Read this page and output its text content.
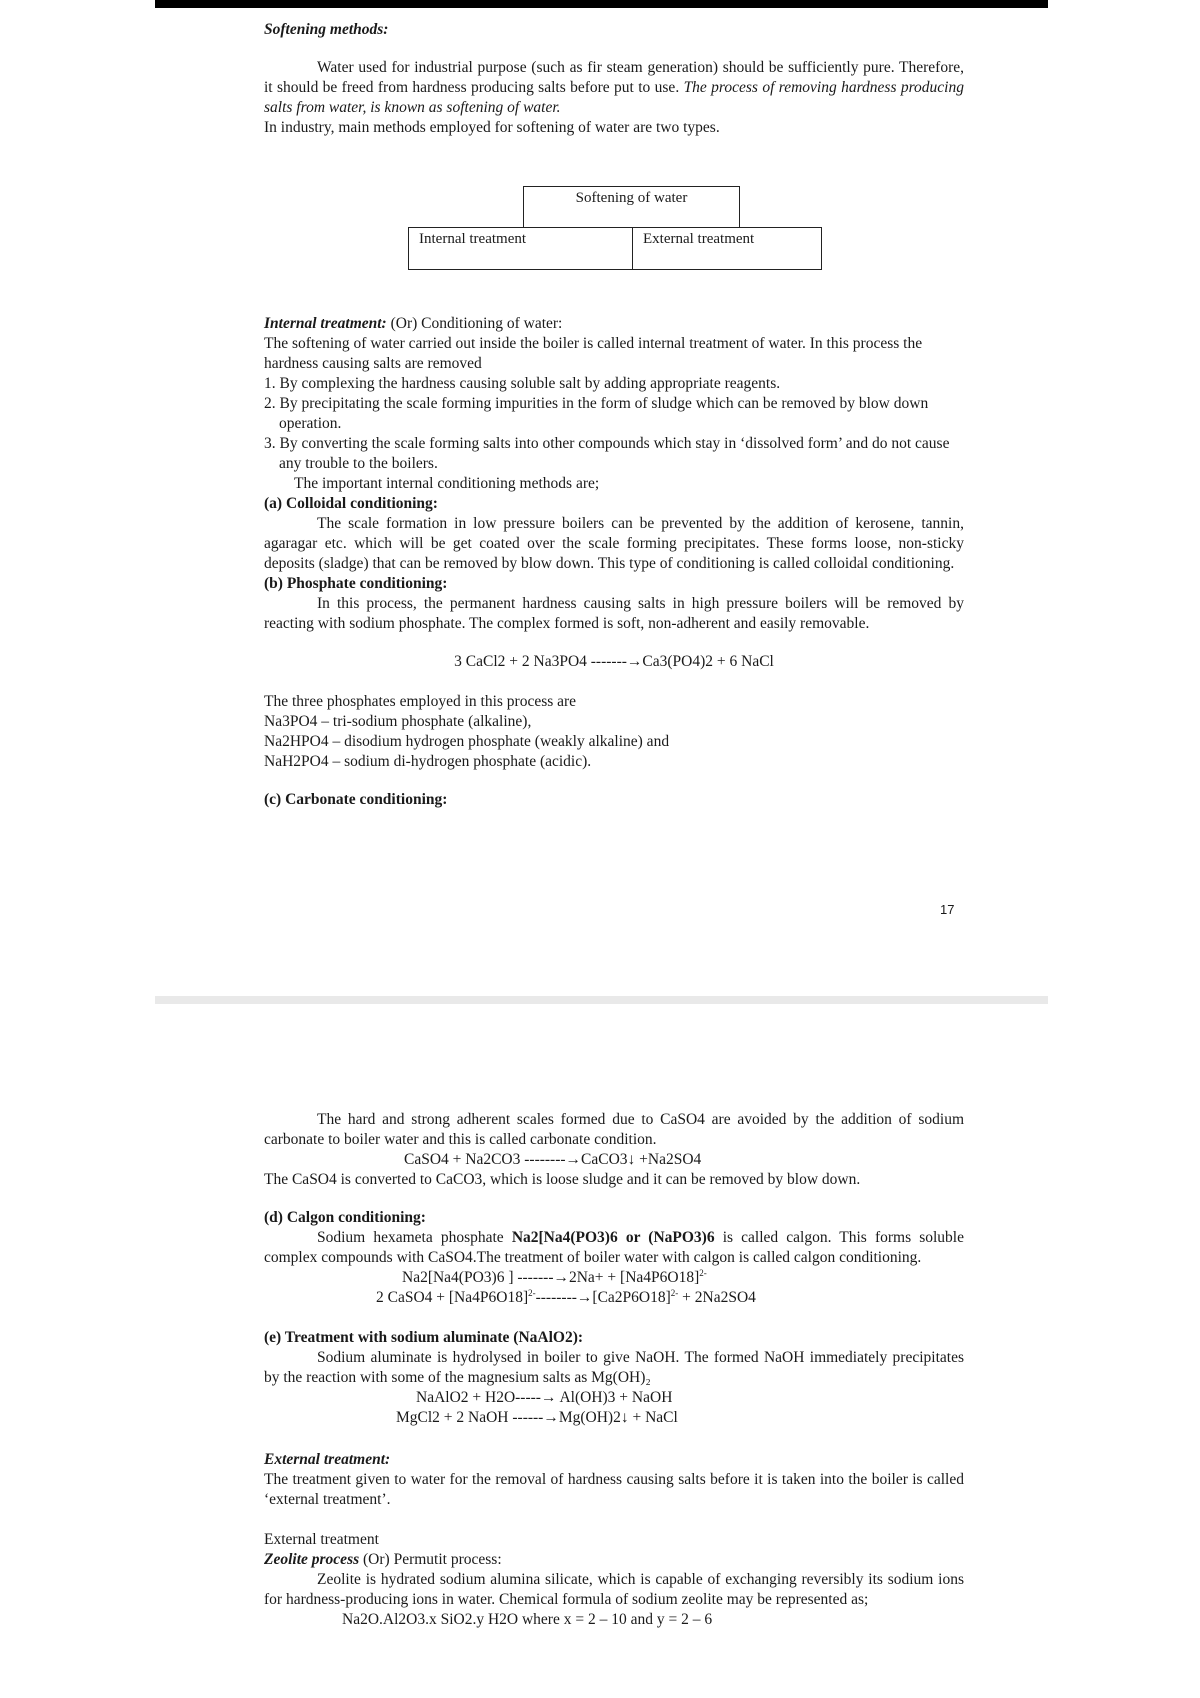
Softening methods:

Water used for industrial purpose (such as fir steam generation) should be sufficiently pure. Therefore, it should be freed from hardness producing salts before put to use. The process of removing hardness producing salts from water, is known as softening of water.

In industry, main methods employed for softening of water are two types.

Softening of water
Internal treatment	External treatment

Internal treatment: (Or) Conditioning of water:

The softening of water carried out inside the boiler is called internal treatment of water. In this process the hardness causing salts are removed

1. By complexing the hardness causing soluble salt by adding appropriate reagents.

2. By precipitating the scale forming impurities in the form of sludge which can be removed by blow down operation.

3. By converting the scale forming salts into other compounds which stay in ‘dissolved form’ and do not cause any trouble to the boilers.

The important internal conditioning methods are;

(a) Colloidal conditioning:

The scale formation in low pressure boilers can be prevented by the addition of kerosene, tannin, agaragar etc. which will be get coated over the scale forming precipitates. These forms loose, non-sticky deposits (sladge) that can be removed by blow down. This type of conditioning is called colloidal conditioning.

(b) Phosphate conditioning:

In this process, the permanent hardness causing salts in high pressure boilers will be removed by reacting with sodium phosphate. The complex formed is soft, non-adherent and easily removable.

3 CaCl2 + 2 Na3PO4 -------→Ca3(PO4)2 + 6 NaCl

The three phosphates employed in this process are

Na3PO4 – tri-sodium phosphate (alkaline),

Na2HPO4 – disodium hydrogen phosphate (weakly alkaline) and

NaH2PO4 – sodium di-hydrogen phosphate (acidic).

(c) Carbonate conditioning:

17

The hard and strong adherent scales formed due to CaSO4 are avoided by the addition of sodium carbonate to boiler water and this is called carbonate condition.

CaSO4 + Na2CO3 --------→CaCO3↓ +Na2SO4

The CaSO4 is converted to CaCO3, which is loose sludge and it can be removed by blow down.

(d) Calgon conditioning:

Sodium hexameta phosphate Na2[Na4(PO3)6 or (NaPO3)6 is called calgon. This forms soluble complex compounds with CaSO4.The treatment of boiler water with calgon is called calgon conditioning.

Na2[Na4(PO3)6 ] $-------\to 2Na+ + [Na4P6O18]^{2-}$

2 CaSO4 + $[Na4P6O18]^{2-}--------\to[Ca2P6O18]^{2-} + 2Na2SO4$

(e) Treatment with sodium aluminate (NaAlO2):

Sodium aluminate is hydrolysed in boiler to give NaOH. The formed NaOH immediately precipitates by the reaction with some of the magnesium salts as Mg(OH)₂

NaAlO2 + H2O-----→ Al(OH)3 + NaOH

MgCl2 + 2 NaOH ------→Mg(OH)2↓ + NaCl

External treatment:

The treatment given to water for the removal of hardness causing salts before it is taken into the boiler is called ‘external treatment’.

External treatment

Zeolite process (Or) Permutit process:

Zeolite is hydrated sodium alumina silicate, which is capable of exchanging reversibly its sodium ions for hardness-producing ions in water. Chemical formula of sodium zeolite may be represented as;

Na2O.Al2O3.x SiO2.y H2O where x = 2 – 10 and y = 2 – 6
